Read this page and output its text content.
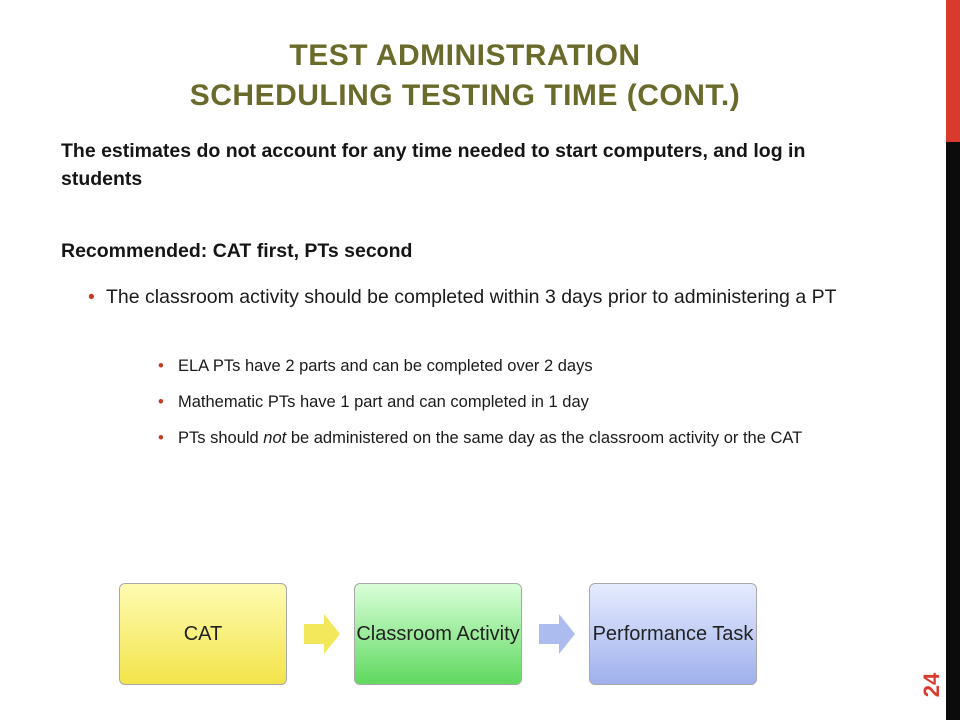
TEST ADMINISTRATION
SCHEDULING TESTING TIME (CONT.)
The estimates do not account for any time needed to start computers, and log in students
Recommended: CAT first, PTs second
• The classroom activity should be completed within 3 days prior to administering a PT
• ELA PTs have 2 parts and can be completed over 2 days
• Mathematic PTs have 1 part and can completed in 1 day
• PTs should not be administered on the same day as the classroom activity or the CAT
CAT	Classroom Activity	Performance Task
24
